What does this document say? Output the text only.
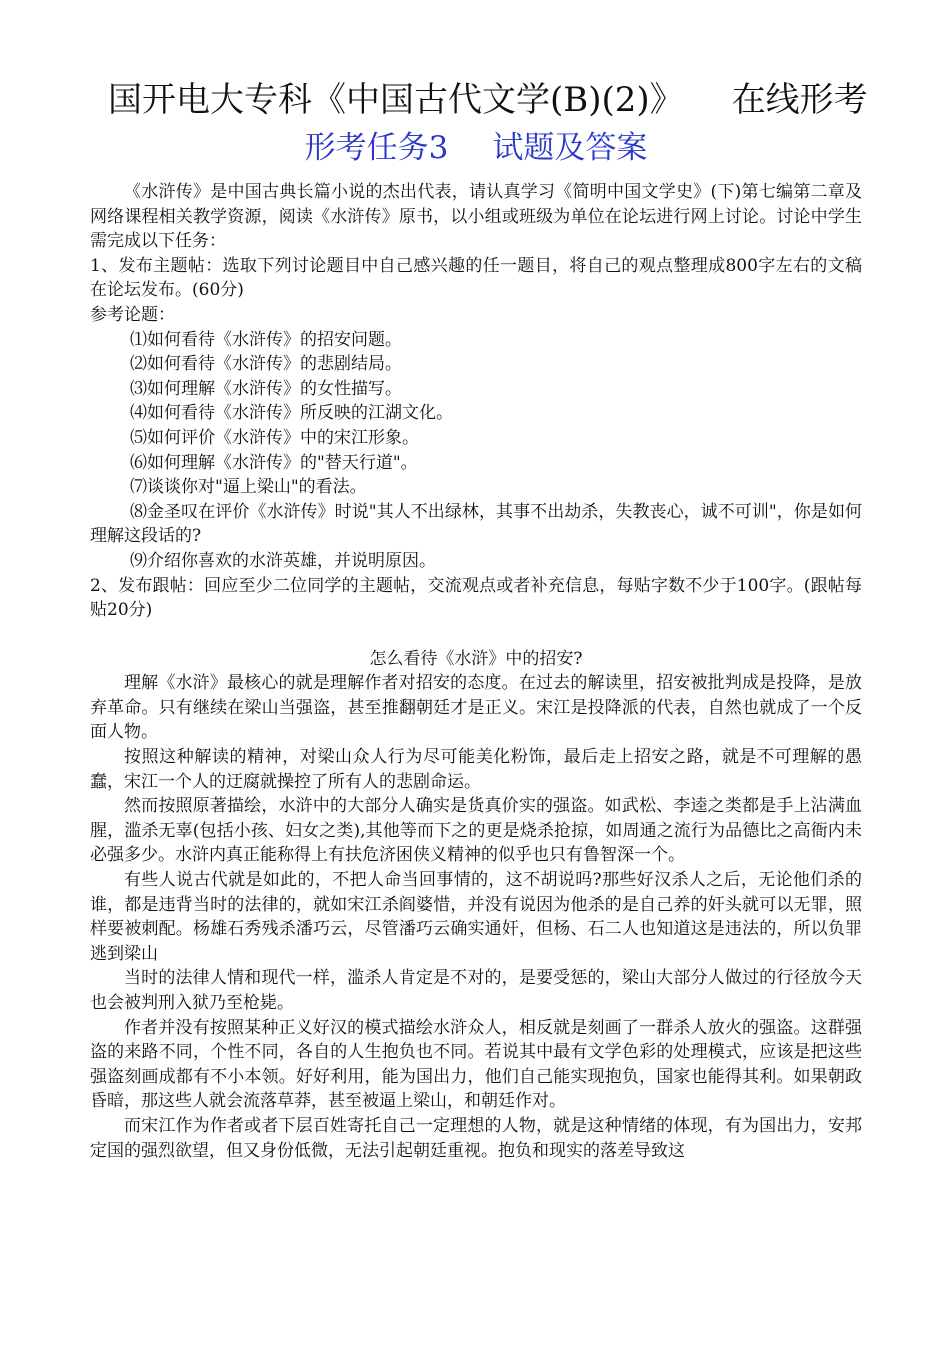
国开电大专科《中国古代文学(B)(2)》 在线形考
形考任务3 试题及答案

《水浒传》是中国古典长篇小说的杰出代表，请认真学习《简明中国文学史》(下)第七编第二章及网络课程相关教学资源，阅读《水浒传》原书，以小组或班级为单位在论坛进行网上讨论。讨论中学生需完成以下任务：

1、发布主题帖：选取下列讨论题目中自己感兴趣的任一题目，将自己的观点整理成800字左右的文稿在论坛发布。(60分)

参考论题：

⑴如何看待《水浒传》的招安问题。

⑵如何看待《水浒传》的悲剧结局。

⑶如何理解《水浒传》的女性描写。

⑷如何看待《水浒传》所反映的江湖文化。

⑸如何评价《水浒传》中的宋江形象。

⑹如何理解《水浒传》的"替天行道"。

⑺谈谈你对"逼上梁山"的看法。

⑻金圣叹在评价《水浒传》时说"其人不出绿林，其事不出劫杀，失教丧心，诚不可训"，你是如何理解这段话的?

⑼介绍你喜欢的水浒英雄，并说明原因。

2、发布跟帖：回应至少二位同学的主题帖，交流观点或者补充信息，每贴字数不少于100字。(跟帖每贴20分)

怎么看待《水浒》中的招安?

理解《水浒》最核心的就是理解作者对招安的态度。在过去的解读里，招安被批判成是投降，是放弃革命。只有继续在梁山当强盗，甚至推翻朝廷才是正义。宋江是投降派的代表，自然也就成了一个反面人物。

按照这种解读的精神，对梁山众人行为尽可能美化粉饰，最后走上招安之路，就是不可理解的愚蠢，宋江一个人的迂腐就操控了所有人的悲剧命运。

然而按照原著描绘，水浒中的大部分人确实是货真价实的强盗。如武松、李逵之类都是手上沾满血腥，滥杀无辜(包括小孩、妇女之类),其他等而下之的更是烧杀抢掠，如周通之流行为品德比之高衙内未必强多少。水浒内真正能称得上有扶危济困侠义精神的似乎也只有鲁智深一个。

有些人说古代就是如此的，不把人命当回事情的，这不胡说吗?那些好汉杀人之后，无论他们杀的谁，都是违背当时的法律的，就如宋江杀阎婆惜，并没有说因为他杀的是自己养的奸头就可以无罪，照样要被刺配。杨雄石秀残杀潘巧云，尽管潘巧云确实通奸，但杨、石二人也知道这是违法的，所以负罪逃到梁山

当时的法律人情和现代一样，滥杀人肯定是不对的，是要受惩的，梁山大部分人做过的行径放今天也会被判刑入狱乃至枪毙。

作者并没有按照某种正义好汉的模式描绘水浒众人，相反就是刻画了一群杀人放火的强盗。这群强盗的来路不同，个性不同，各自的人生抱负也不同。若说其中最有文学色彩的处理模式，应该是把这些强盗刻画成都有不小本领。好好利用，能为国出力，他们自己能实现抱负，国家也能得其利。如果朝政昏暗，那这些人就会流落草莽，甚至被逼上梁山，和朝廷作对。

而宋江作为作者或者下层百姓寄托自己一定理想的人物，就是这种情绪的体现，有为国出力，安邦定国的强烈欲望，但又身份低微，无法引起朝廷重视。抱负和现实的落差导致这
